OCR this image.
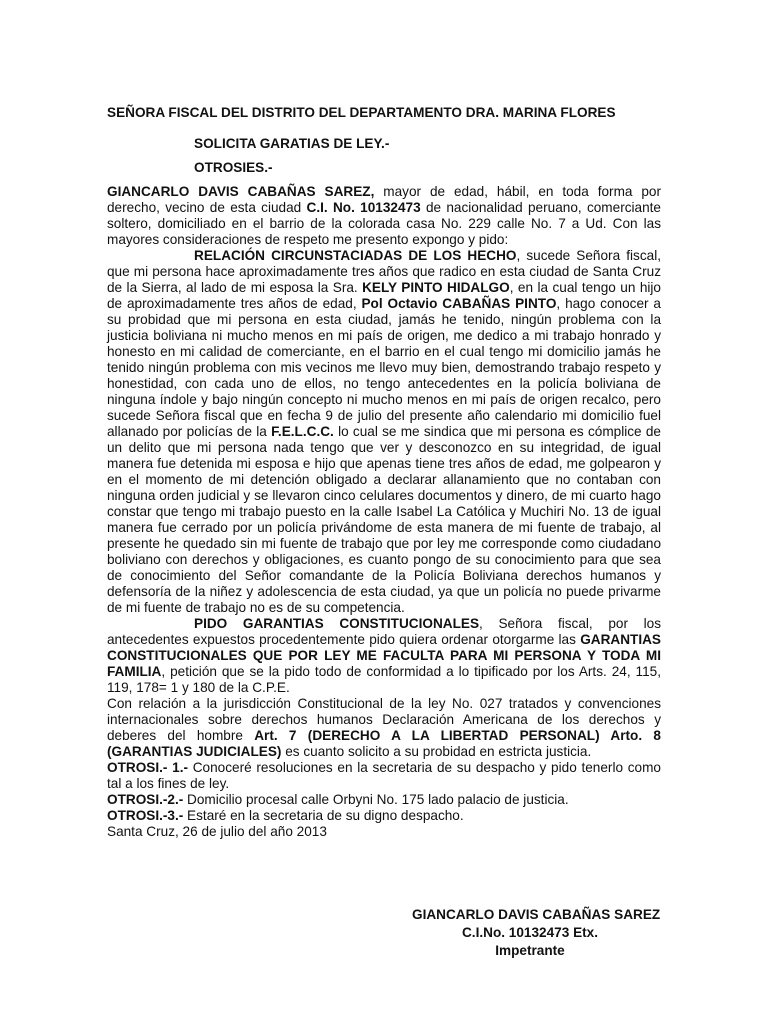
SEÑORA FISCAL DEL DISTRITO DEL DEPARTAMENTO DRA. MARINA FLORES
SOLICITA GARATIAS DE LEY.-
OTROSIES.-

GIANCARLO DAVIS CABAÑAS SAREZ, mayor de edad, hábil, en toda forma por derecho, vecino de esta ciudad C.I. No. 10132473 de nacionalidad peruano, comerciante soltero, domiciliado en el barrio de la colorada casa No. 229 calle No. 7 a Ud. Con las mayores consideraciones de respeto me presento expongo y pido:

RELACIÓN CIRCUNSTACIADAS DE LOS HECHO, sucede Señora fiscal, que mi persona hace aproximadamente tres años que radico en esta ciudad de Santa Cruz de la Sierra, al lado de mi esposa la Sra. KELY PINTO HIDALGO, en la cual tengo un hijo de aproximadamente tres años de edad, Pol Octavio CABAÑAS PINTO, hago conocer a su probidad que mi persona en esta ciudad, jamás he tenido, ningún problema con la justicia boliviana ni mucho menos en mi país de origen, me dedico a mi trabajo honrado y honesto en mi calidad de comerciante, en el barrio en el cual tengo mi domicilio jamás he tenido ningún problema con mis vecinos me llevo muy bien, demostrando trabajo respeto y honestidad, con cada uno de ellos, no tengo antecedentes en la policía boliviana de ninguna índole y bajo ningún concepto ni mucho menos en mi país de origen recalco, pero sucede Señora fiscal que en fecha 9 de julio del presente año calendario mi domicilio fuel allanado por policías de la F.E.L.C.C. lo cual se me sindica que mi persona es cómplice de un delito que mi persona nada tengo que ver y desconozco en su integridad, de igual manera fue detenida mi esposa e hijo que apenas tiene tres años de edad, me golpearon y en el momento de mi detención obligado a declarar allanamiento que no contaban con ninguna orden judicial y se llevaron cinco celulares documentos y dinero, de mi cuarto hago constar que tengo mi trabajo puesto en la calle Isabel La Católica y Muchiri No. 13 de igual manera fue cerrado por un policía privándome de esta manera de mi fuente de trabajo, al presente he quedado sin mi fuente de trabajo que por ley me corresponde como ciudadano boliviano con derechos y obligaciones, es cuanto pongo de su conocimiento para que sea de conocimiento del Señor comandante de la Policía Boliviana derechos humanos y defensoría de la niñez y adolescencia de esta ciudad, ya que un policía no puede privarme de mi fuente de trabajo no es de su competencia.

PIDO GARANTIAS CONSTITUCIONALES, Señora fiscal, por los antecedentes expuestos procedentemente pido quiera ordenar otorgarme las GARANTIAS CONSTITUCIONALES QUE POR LEY ME FACULTA PARA MI PERSONA Y TODA MI FAMILIA, petición que se la pido todo de conformidad a lo tipificado por los Arts. 24, 115, 119, 178= 1 y 180 de la C.P.E.

Con relación a la jurisdicción Constitucional de la ley No. 027 tratados y convenciones internacionales sobre derechos humanos Declaración Americana de los derechos y deberes del hombre Art. 7 (DERECHO A LA LIBERTAD PERSONAL) Arto. 8 (GARANTIAS JUDICIALES) es cuanto solicito a su probidad en estricta justicia.

OTROSI.- 1.- Conoceré resoluciones en la secretaria de su despacho y pido tenerlo como tal a los fines de ley.

OTROSI.-2.- Domicilio procesal calle Orbyni No. 175 lado palacio de justicia.

OTROSI.-3.- Estaré en la secretaria de su digno despacho.

Santa Cruz, 26 de julio del año 2013

GIANCARLO DAVIS CABAÑAS SAREZ
C.I.No. 10132473 Etx.
Impetrante
